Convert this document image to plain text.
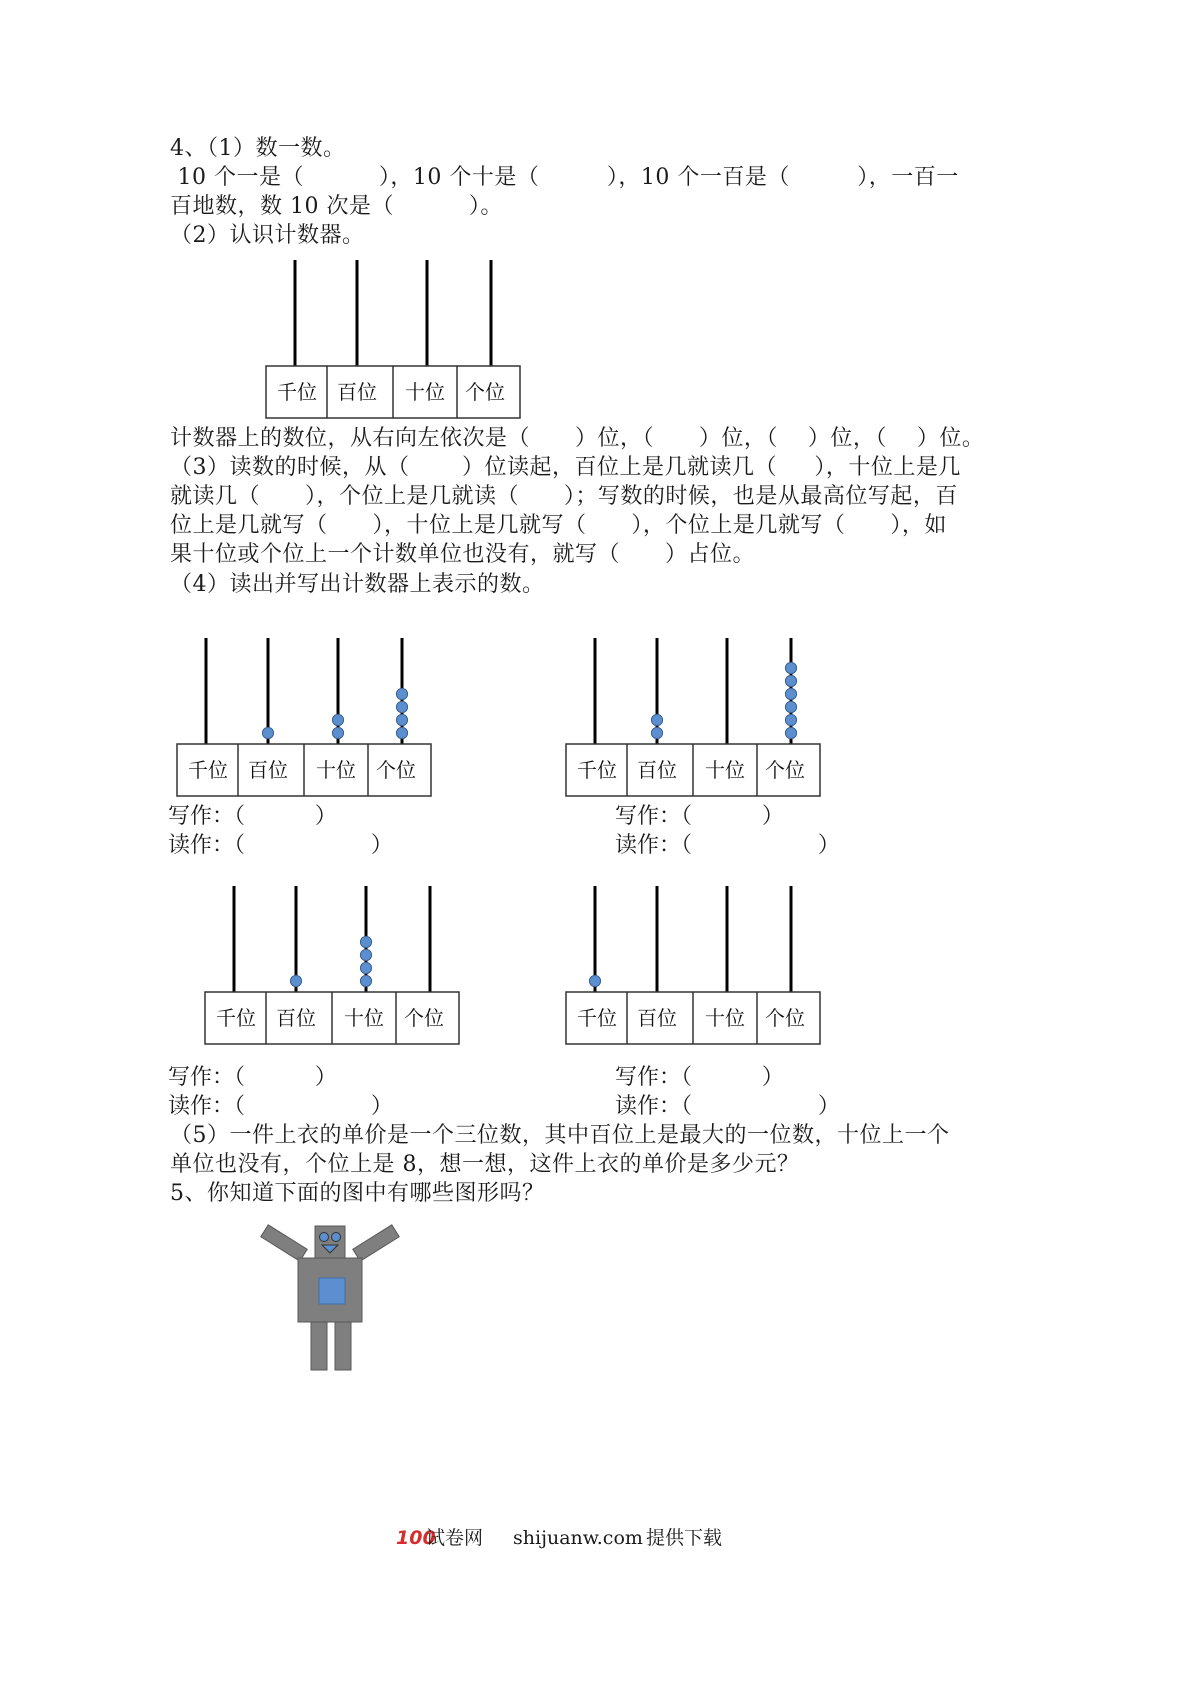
4、（1）数一数。
10 个一是（          ），10 个十是（         ），10 个一百是（         ），一百一
百地数，数 10 次是（          ）。
（2）认识计数器。
千位 百位 十位 个位
计数器上的数位，从右向左依次是（      ）位，（      ）位，（    ）位，（    ）位。
（3）读数的时候，从（       ）位读起，百位上是几就读几（     ），十位上是几
就读几（      ），个位上是几就读（      ）；写数的时候，也是从最高位写起，百
位上是几就写（      ），十位上是几就写（      ），个位上是几就写（      ），如
果十位或个位上一个计数单位也没有，就写（      ）占位。
（4）读出并写出计数器上表示的数。
千位 百位 十位 个位	千位 百位 十位 个位
写作：（          ）
读作：（                  ）
写作：（          ）
读作：（                  ）
千位 百位 十位 个位	千位 百位 十位 个位
写作：（          ）
读作：（                  ）
写作：（          ）
读作：（                  ）
（5）一件上衣的单价是一个三位数，其中百位上是最大的一位数，十位上一个
单位也没有，个位上是 8，想一想，这件上衣的单价是多少元？
5、你知道下面的图中有哪些图形吗？
100
试卷网 shijuanw.com 提供下载
